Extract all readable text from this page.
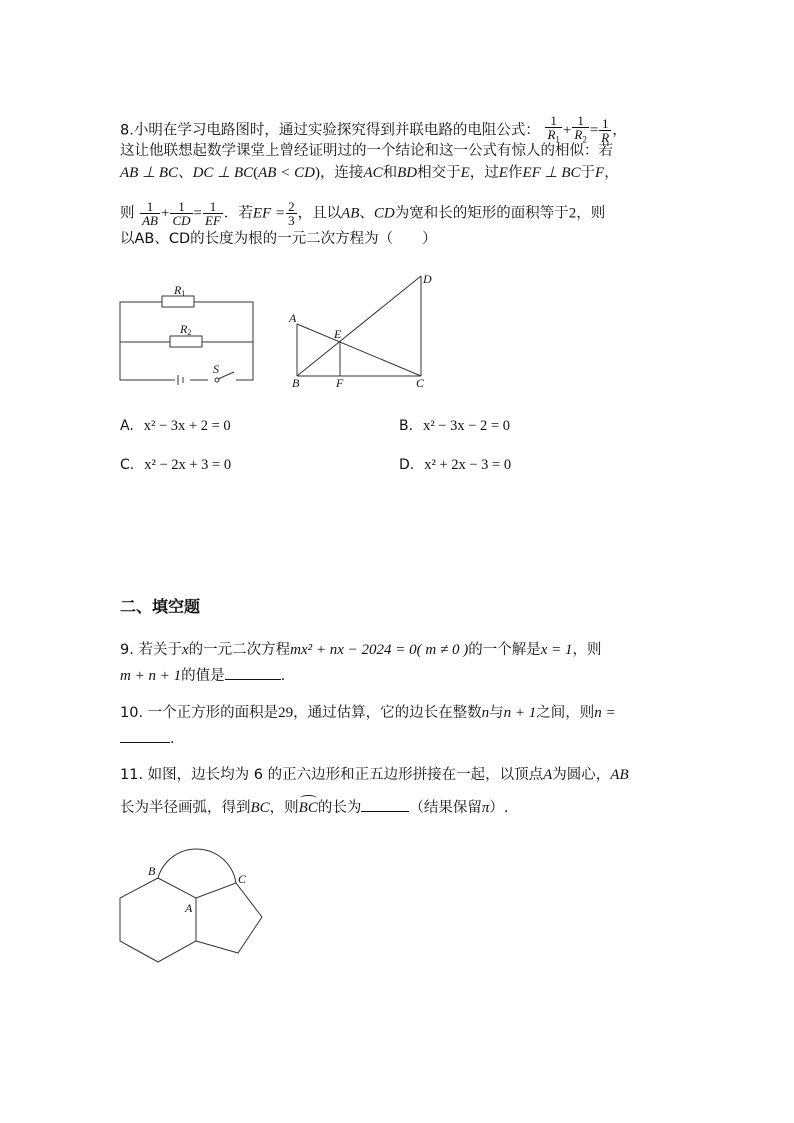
8.小明在学习电路图时，通过实验探究得到并联电路的电阻公式： $\frac{1}{R_1} + \frac{1}{R_2} = \frac{1}{R}$ ，
这让他联想起数学课堂上曾经证明过的一个结论和这一公式有惊人的相似：若
AB ⊥ BC、DC ⊥ BC(AB < CD)，连接AC和BD相交于E，过E作EF ⊥ BC于F，
则 $\frac{1}{AB} + \frac{1}{CD} = \frac{1}{EF}$ ．若EF = $\frac{2}{3}$ ，且以AB、CD为宽和长的矩形的面积等于2，则
以AB、CD的长度为根的一元二次方程为（　　）
R1
R2
S
A
B	C
D
E
F
A. x² − 3x + 2 = 0	B. x² − 3x − 2 = 0
C. x² − 2x + 3 = 0	D. x² + 2x − 3 = 0
二、填空题
9. 若关于x的一元二次方程mx² + nx − 2024 = 0( m ≠ 0 )的一个解是x = 1，则
m + n + 1的值是	.
10. 一个正方形的面积是29，通过估算，它的边长在整数n与n + 1之间，则n =
.
11. 如图，边长均为 6 的正六边形和正五边形拼接在一起，以顶点A为圆心，AB
长为半径画弧，得到BC，则BC的长为	（结果保留π）.
B
A
C
